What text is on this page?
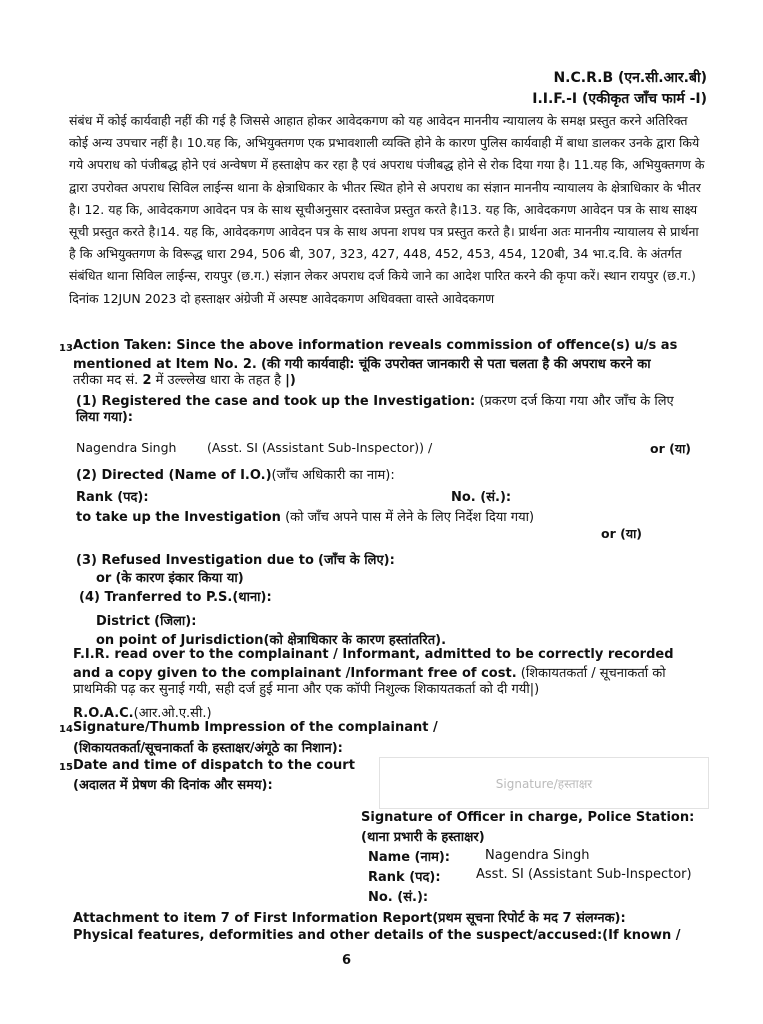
N.C.R.B (एन.सी.आर.बी)
I.I.F.-I (एकीकृत जाँच फार्म -I)
संबंध में कोई कार्यवाही नहीं की गई है जिससे आहात होकर आवेदकगण को यह आवेदन माननीय न्यायालय के समक्ष प्रस्तुत करने अतिरिक्त कोई अन्य उपचार नहीं है। 10.यह कि, अभियुक्तगण एक प्रभावशाली व्यक्ति होने के कारण पुलिस कार्यवाही में बाधा डालकर उनके द्वारा किये गये अपराध को पंजीबद्ध होने एवं अन्वेषण में हस्ताक्षेप कर रहा है एवं अपराध पंजीबद्ध होने से रोक दिया गया है। 11.यह कि, अभियुक्तगण के द्वारा उपरोक्त अपराध सिविल लाईन्स थाना के क्षेत्राधिकार के भीतर स्थित होने से अपराध का संज्ञान माननीय न्यायालय के क्षेत्राधिकार के भीतर है। 12. यह कि, आवेदकगण आवेदन पत्र के साथ सूचीअनुसार दस्तावेज प्रस्तुत करते है।13. यह कि, आवेदकगण आवेदन पत्र के साथ साक्ष्य सूची प्रस्तुत करते है।14. यह कि, आवेदकगण आवेदन पत्र के साथ अपना शपथ पत्र प्रस्तुत करते है। प्रार्थना अतः माननीय न्यायालय से प्रार्थना है कि अभियुक्तगण के विरूद्ध धारा 294, 506 बी, 307, 323, 427, 448, 452, 453, 454, 120बी, 34 भा.द.वि. के अंतर्गत संबंधित थाना सिविल लाईन्स, रायपुर (छ.ग.) संज्ञान लेकर अपराध दर्ज किये जाने का आदेश पारित करने की कृपा करें। स्थान रायपुर (छ.ग.) दिनांक 12JUN 2023 दो हस्ताक्षर अंग्रेजी में अस्पष्ट आवेदकगण अधिवक्ता वास्ते आवेदकगण
13 Action Taken: Since the above information reveals commission of offence(s) u/s as
mentioned at Item No. 2. (की गयी कार्यवाही: चूंकि उपरोक्त जानकारी से पता चलता है की अपराध करने का
तरीका मद सं. 2 में उल्ल्लेख धारा के तहत है |)
(1) Registered the case and took up the Investigation: (प्रकरण दर्ज किया गया और जाँच के लिए
लिया गया):
Nagendra Singh (Asst. SI (Assistant Sub-Inspector)) /	or (या)
(2) Directed (Name of I.O.)(जाँच अधिकारी का नाम):
Rank (पद):	No. (सं.):
to take up the Investigation (को जाँच अपने पास में लेने के लिए निर्देश दिया गया)
or (या)
(3) Refused Investigation due to (जाँच के लिए):
or (के कारण इंकार किया या)
(4) Tranferred to P.S.(थाना):
District (जिला):
on point of Jurisdiction(को क्षेत्राधिकार के कारण हस्तांतरित).
F.I.R. read over to the complainant / Informant, admitted to be correctly recorded
and a copy given to the complainant /Informant free of cost. (शिकायतकर्ता / सूचनाकर्ता को
प्राथमिकी पढ़ कर सुनाई गयी, सही दर्ज हुई माना और एक कॉपी निशुल्क शिकायतकर्ता को दी गयी|)
R.O.A.C.(आर.ओ.ए.सी.)
14 Signature/Thumb Impression of the complainant /
(शिकायतकर्ता/सूचनाकर्ता के हस्ताक्षर/अंगूठे का निशान):
15 Date and time of dispatch to the court
(अदालत में प्रेषण की दिनांक और समय):	Signature/हस्ताक्षर
Signature of Officer in charge, Police Station:
(थाना प्रभारी के हस्ताक्षर)
Name (नाम):	Nagendra Singh
Rank (पद):	Asst. SI (Assistant Sub-Inspector)
No. (सं.):
Attachment to item 7 of First Information Report(प्रथम सूचना रिपोर्ट के मद 7 संलग्नक):
Physical features, deformities and other details of the suspect/accused:(If known /
6
